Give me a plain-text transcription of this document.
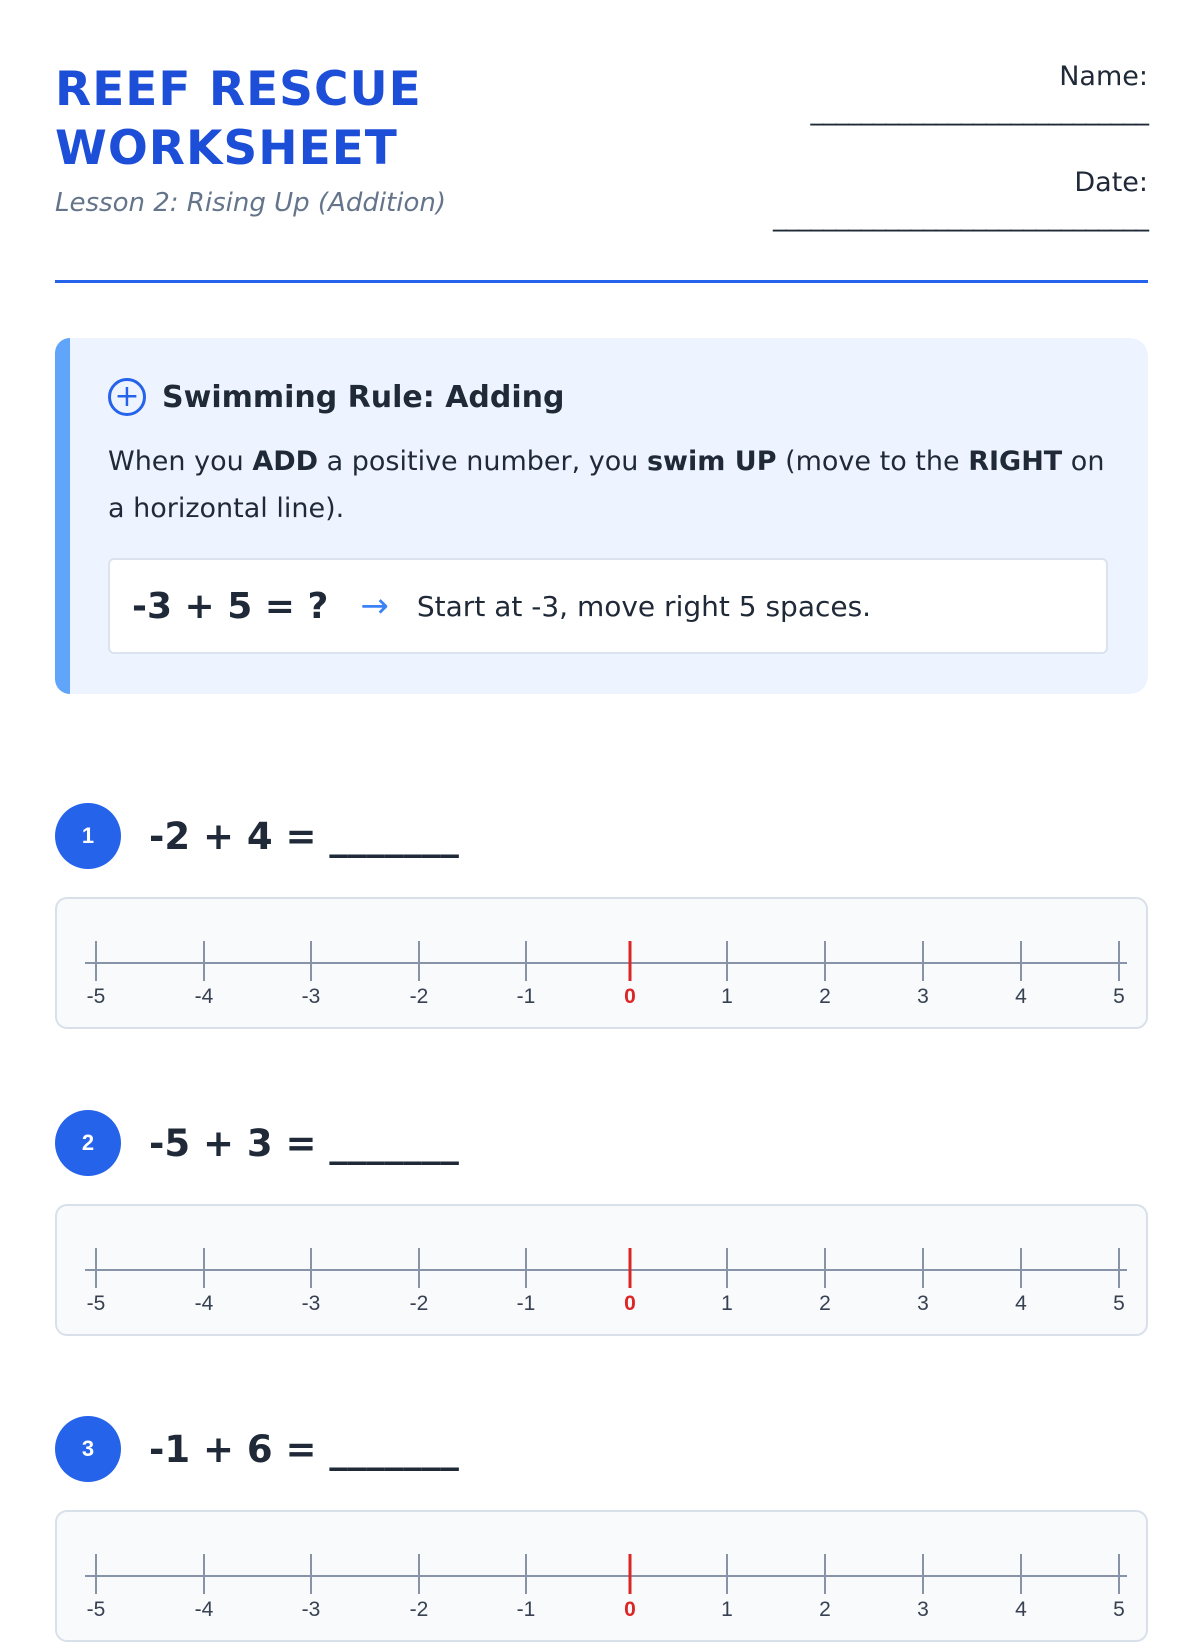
REEF RESCUE WORKSHEET
Lesson 2: Rising Up (Addition)
Name:
___________________________
Date:
______________________________
+ Swimming Rule: Adding
When you ADD a positive number, you swim UP (move to the RIGHT on a horizontal line).
-3 + 5 = ? → Start at -3, move right 5 spaces.
1	-2 + 4 = _______
-5	-4	-3	-2	-1	0	1	2	3	4	5
2	-5 + 3 = _______
-5	-4	-3	-2	-1	0	1	2	3	4	5
3	-1 + 6 = _______
-5	-4	-3	-2	-1	0	1	2	3	4	5
